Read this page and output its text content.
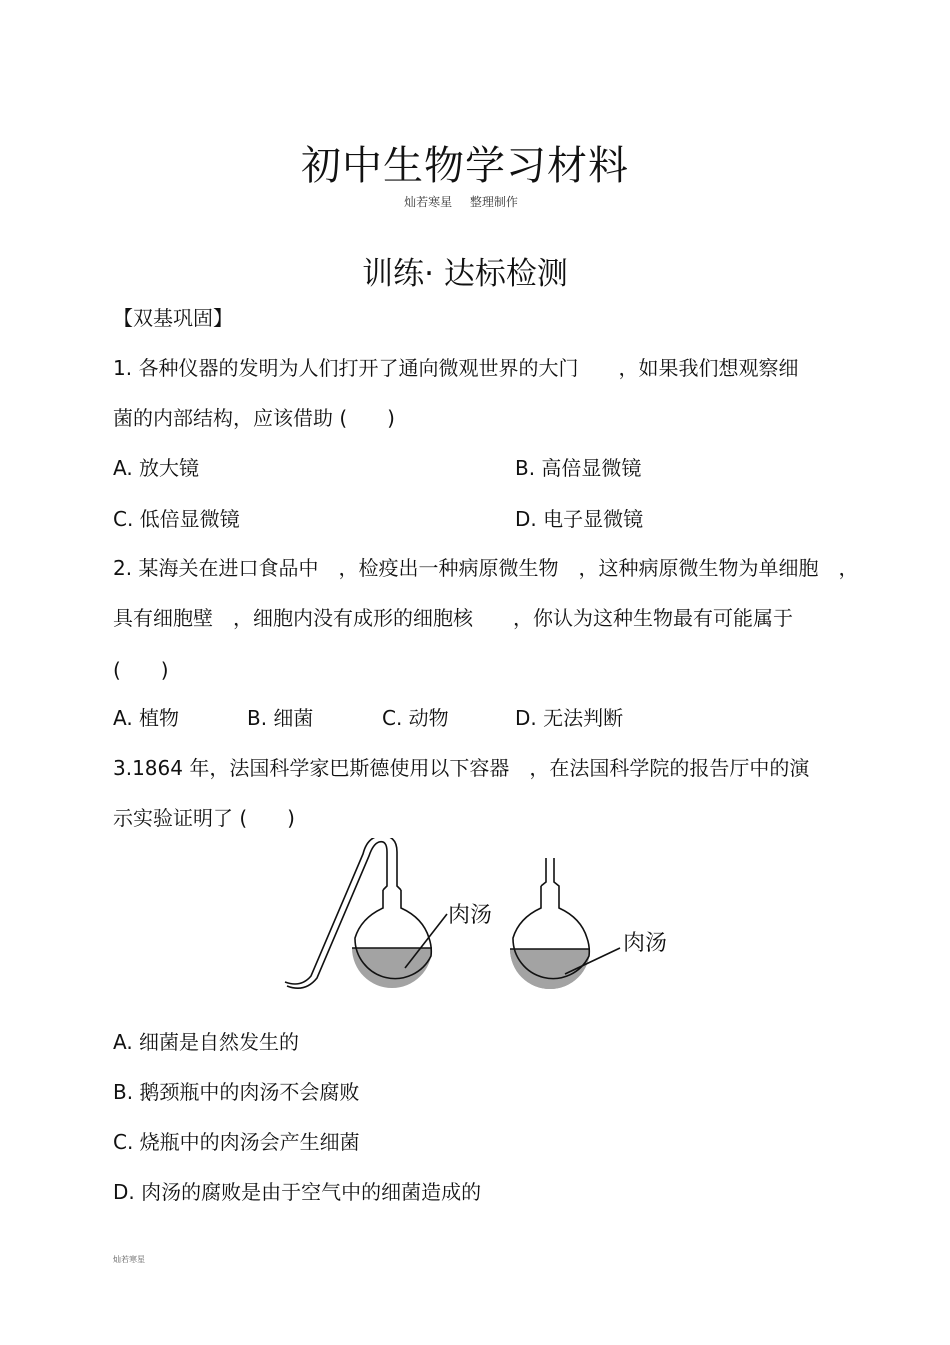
初中生物学习材料
灿若寒星 整理制作
训练· 达标检测
【双基巩固】
1. 各种仪器的发明为人们打开了通向微观世界的大门　　，如果我们想观察细
菌的内部结构，应该借助 (　　)
A. 放大镜	B. 高倍显微镜
C. 低倍显微镜	D. 电子显微镜
2. 某海关在进口食品中　，检疫出一种病原微生物　，这种病原微生物为单细胞　，
具有细胞壁　，细胞内没有成形的细胞核　　，你认为这种生物最有可能属于
(　　)
A. 植物	B. 细菌	C. 动物	D. 无法判断
3.1864 年，法国科学家巴斯德使用以下容器　，在法国科学院的报告厅中的演
示实验证明了 (　　)
肉汤
肉汤
A. 细菌是自然发生的
B. 鹅颈瓶中的肉汤不会腐败
C. 烧瓶中的肉汤会产生细菌
D. 肉汤的腐败是由于空气中的细菌造成的
灿若寒星
